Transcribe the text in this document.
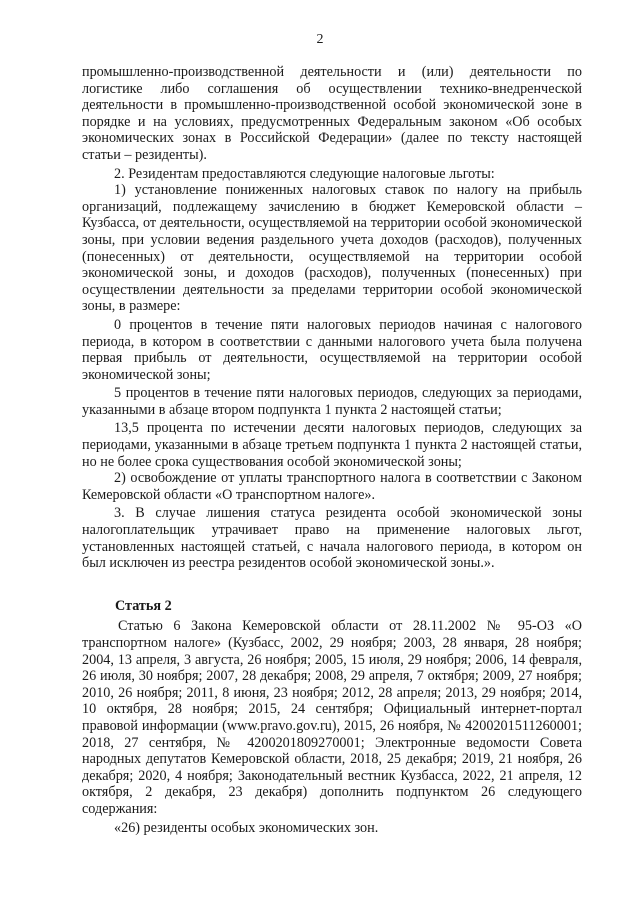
2

промышленно-производственной деятельности и (или) деятельности по логистике либо соглашения об осуществлении технико-внедренческой деятельности в промышленно-производственной особой экономической зоне в порядке и на условиях, предусмотренных Федеральным законом «Об особых экономических зонах в Российской Федерации» (далее по тексту настоящей статьи – резиденты).

2. Резидентам предоставляются следующие налоговые льготы:

1) установление пониженных налоговых ставок по налогу на прибыль организаций, подлежащему зачислению в бюджет Кемеровской области – Кузбасса, от деятельности, осуществляемой на территории особой экономической зоны, при условии ведения раздельного учета доходов (расходов), полученных (понесенных) от деятельности, осуществляемой на территории особой экономической зоны, и доходов (расходов), полученных (понесенных) при осуществлении деятельности за пределами территории особой экономической зоны, в размере:

0 процентов в течение пяти налоговых периодов начиная с налогового периода, в котором в соответствии с данными налогового учета была получена первая прибыль от деятельности, осуществляемой на территории особой экономической зоны;

5 процентов в течение пяти налоговых периодов, следующих за периодами, указанными в абзаце втором подпункта 1 пункта 2 настоящей статьи;

13,5 процента по истечении десяти налоговых периодов, следующих за периодами, указанными в абзаце третьем подпункта 1 пункта 2 настоящей статьи, но не более срока существования особой экономической зоны;

2) освобождение от уплаты транспортного налога в соответствии с Законом Кемеровской области «О транспортном налоге».

3. В случае лишения статуса резидента особой экономической зоны налогоплательщик утрачивает право на применение налоговых льгот, установленных настоящей статьей, с начала налогового периода, в котором он был исключен из реестра резидентов особой экономической зоны.».

Статья 2

Статью 6 Закона Кемеровской области от 28.11.2002 № 95-ОЗ «О транспортном налоге» (Кузбасс, 2002, 29 ноября; 2003, 28 января, 28 ноября; 2004, 13 апреля, 3 августа, 26 ноября; 2005, 15 июля, 29 ноября; 2006, 14 февраля, 26 июля, 30 ноября; 2007, 28 декабря; 2008, 29 апреля, 7 октября; 2009, 27 ноября; 2010, 26 ноября; 2011, 8 июня, 23 ноября; 2012, 28 апреля; 2013, 29 ноября; 2014, 10 октября, 28 ноября; 2015, 24 сентября; Официальный интернет-портал правовой информации (www.pravo.gov.ru), 2015, 26 ноября, № 4200201511260001; 2018, 27 сентября, № 4200201809270001; Электронные ведомости Совета народных депутатов Кемеровской области, 2018, 25 декабря; 2019, 21 ноября, 26 декабря; 2020, 4 ноября; Законодательный вестник Кузбасса, 2022, 21 апреля, 12 октября, 2 декабря, 23 декабря) дополнить подпунктом 26 следующего содержания:

«26) резиденты особых экономических зон.
